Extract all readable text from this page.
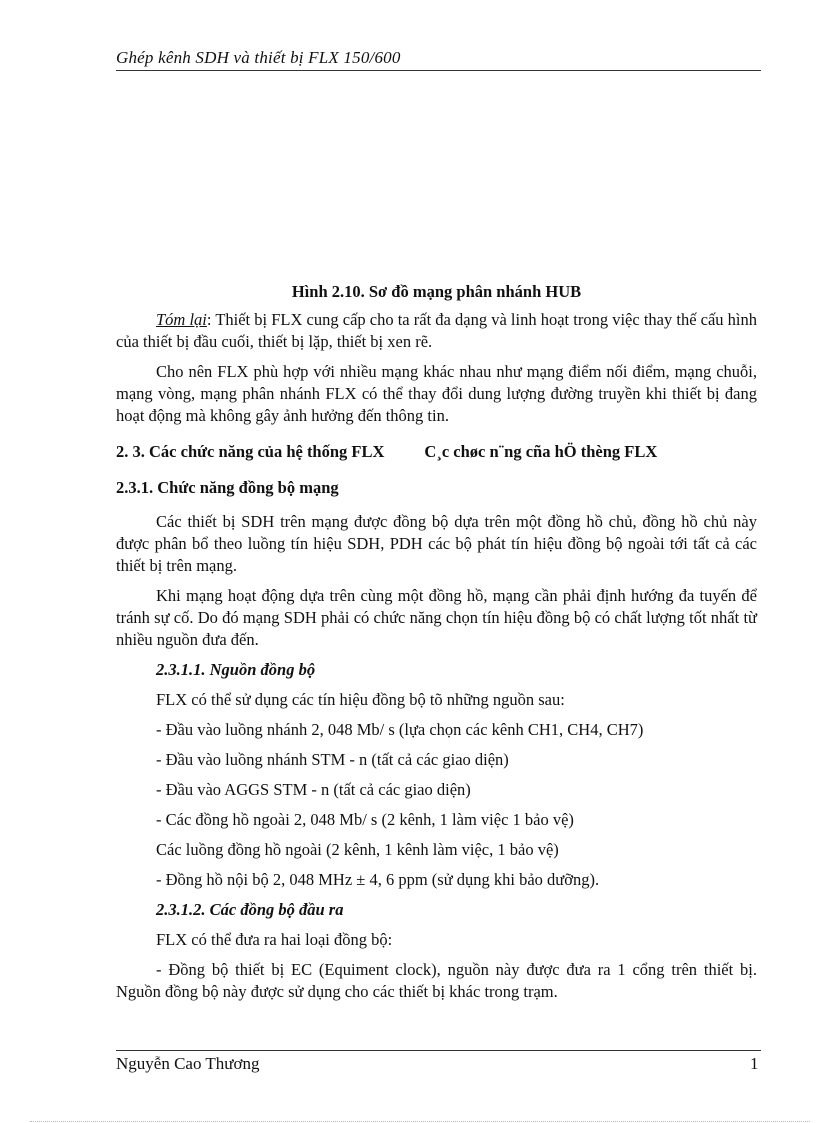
Ghép kênh SDH và thiết bị FLX 150/600

Hình 2.10. Sơ đồ mạng phân nhánh HUB

Tóm lại: Thiết bị FLX cung cấp cho ta rất đa dạng và linh hoạt trong việc thay thế cấu hình của thiết bị đầu cuối, thiết bị lặp, thiết bị xen rẽ.

Cho nên FLX phù hợp với nhiều mạng khác nhau như mạng điểm nối điểm, mạng chuỗi, mạng vòng, mạng phân nhánh FLX có thể thay đổi dung lượng đường truyền khi thiết bị đang hoạt động mà không gây ảnh hưởng đến thông tin.

2. 3. Các chức năng của hệ thống FLX C¸c chøc n¨ng cña hÖ thèng FLX
2.3.1. Chức năng đồng bộ mạng

Các thiết bị SDH trên mạng được đồng bộ dựa trên một đồng hồ chủ, đồng hồ chủ này được phân bổ theo luồng tín hiệu SDH, PDH các bộ phát tín hiệu đồng bộ ngoài tới tất cả các thiết bị trên mạng.

Khi mạng hoạt động dựa trên cùng một đồng hồ, mạng cần phải định hướng đa tuyến để tránh sự cố. Do đó mạng SDH phải có chức năng chọn tín hiệu đồng bộ có chất lượng tốt nhất từ nhiều nguồn đưa đến.

2.3.1.1. Nguồn đồng bộ
FLX có thể sử dụng các tín hiệu đồng bộ tõ những nguồn sau:
- Đầu vào luồng nhánh 2, 048 Mb/ s (lựa chọn các kênh CH1, CH4, CH7)
- Đầu vào luồng nhánh STM - n (tất cả các giao diện)
- Đầu vào AGGS STM - n (tất cả các giao diện)
- Các đồng hồ ngoài 2, 048 Mb/ s (2 kênh, 1 làm việc 1 bảo vệ)
Các luồng đồng hồ ngoài (2 kênh, 1 kênh làm việc, 1 bảo vệ)
- Đồng hồ nội bộ 2, 048 MHz ± 4, 6 ppm (sử dụng khi bảo dưỡng).
2.3.1.2. Các đồng bộ đầu ra
FLX có thể đưa ra hai loại đồng bộ:

- Đồng bộ thiết bị EC (Equiment clock), nguồn này được đưa ra 1 cổng trên thiết bị. Nguồn đồng bộ này được sử dụng cho các thiết bị khác trong trạm.

Nguyễn Cao Thương	1
